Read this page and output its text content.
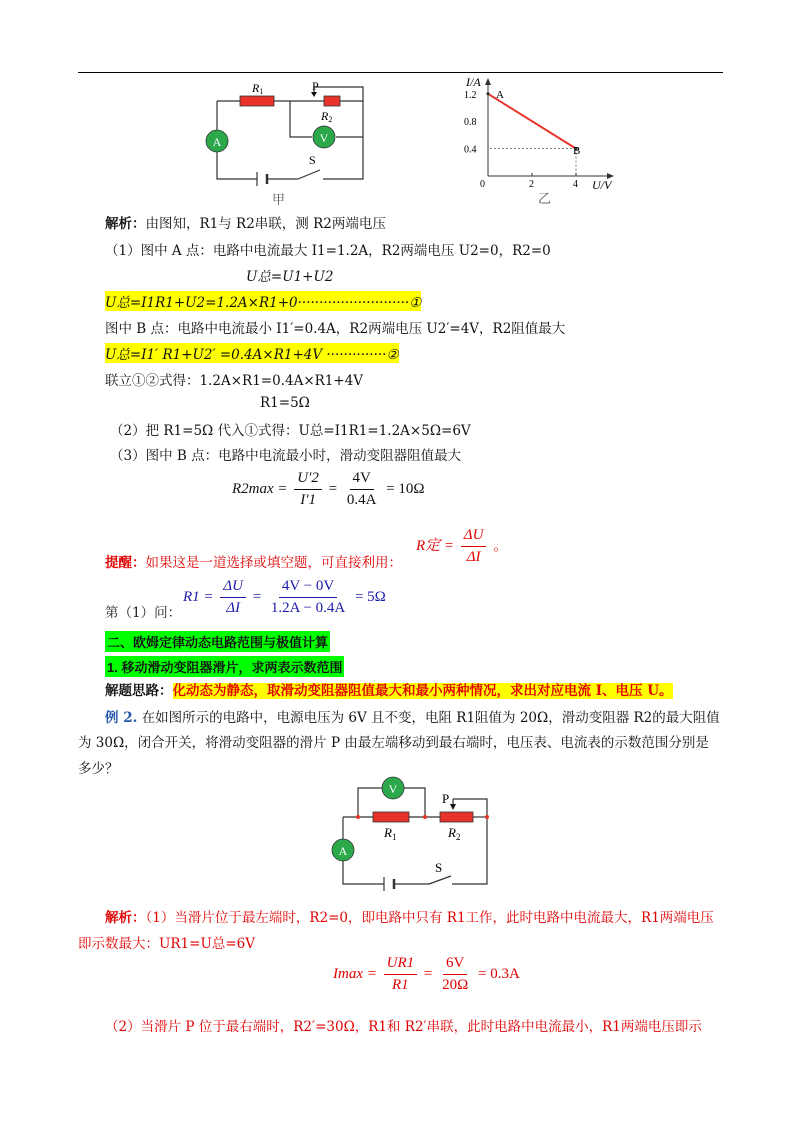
A	V
R1	P
R2
S
甲
0.4
0.8
1.2
2	4
I/A
U/V
0
A
B
乙
解析：由图知，R1与 R2串联，测 R2两端电压
（1）图中 A 点：电路中电流最大 I1=1.2A，R2两端电压 U2=0，R2=0
U总=U1+U2
U总=I1R1+U2=1.2A×R1+0··························①
图中 B 点：电路中电流最小 I1′=0.4A，R2两端电压 U2′=4V，R2阻值最大
U总=I1′ R1+U2′ =0.4A×R1+4V ··············②
联立①②式得：1.2A×R1=0.4A×R1+4V
R1=5Ω
（2）把 R1=5Ω 代入①式得：U总=I1R1=1.2A×5Ω=6V
（3）图中 B 点：电路中电流最小时，滑动变阻器阻值最大
$R2\max = \frac{U'2}{I'1} = \frac{4V}{0.4A} = 10\Omega$
提醒：如果这是一道选择或填空题，可直接利用：
R定 = $\frac{\Delta U}{\Delta I}$ 。
第（1）问：
$R1 = \frac{\Delta U}{\Delta I} = \frac{4V - 0V}{1.2A - 0.4A} = 5\Omega$
二、欧姆定律动态电路范围与极值计算
1. 移动滑动变阻器滑片，求两表示数范围
解题思路：化动态为静态，取滑动变阻器阻值最大和最小两种情况，求出对应电流 I、电压 U。
例 2. 在如图所示的电路中，电源电压为 6V 且不变，电阻 R1阻值为 20Ω，滑动变阻器 R2的最大阻值
为 30Ω，闭合开关，将滑动变阻器的滑片 P 由最左端移动到最右端时，电压表、电流表的示数范围分别是
多少？
V
A
P
$R_1$	$R_2$
S
解析：（1）当滑片位于最左端时，R2=0，即电路中只有 R1工作，此时电路中电流最大，R1两端电压
即示数最大：UR1=U总=6V
$Imax = \frac{UR1}{R1} = \frac{6V}{20\Omega} = 0.3A$
（2）当滑片 P 位于最右端时，R2′=30Ω，R1和 R2′串联，此时电路中电流最小，R1两端电压即示
